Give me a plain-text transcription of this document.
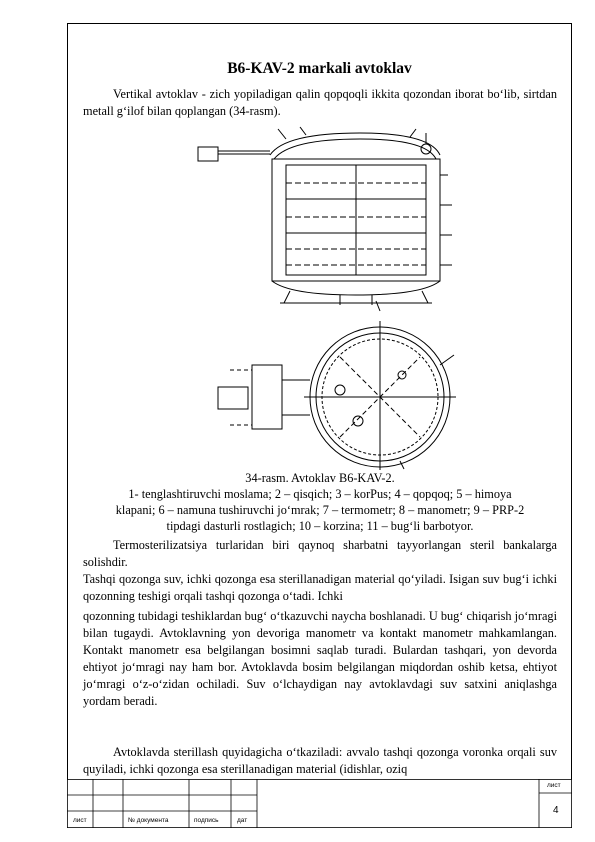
B6-KAV-2 markali avtoklav
Vertikal avtoklav - zich yopiladigan qalin qopqoqli ikkita qozondan iborat bo‘lib, sirtdan metall g‘ilof bilan qoplangan (34-rasm).
34-rasm. Avtoklav B6-KAV-2.
1- tenglashtiruvchi moslama; 2 – qisqich; 3 – korPus; 4 – qopqoq; 5 – himoya
klapani; 6 – namuna tushiruvchi jo‘mrak; 7 – termometr; 8 – manometr; 9 – PRP-2
tipdagi dasturli rostlagich; 10 – korzina; 11 – bug‘li barbotyor.
Termosterilizatsiya turlaridan biri qaynoq sharbatni tayyorlangan steril bankalarga solishdir.
Tashqi qozonga suv, ichki qozonga esa sterillanadigan material qo‘yiladi. Isigan suv bug‘i ichki qozonning teshigi orqali tashqi qozonga o‘tadi. Ichki
qozonning tubidagi teshiklardan bug‘ o‘tkazuvchi naycha boshlanadi. U bug‘ chiqarish jo‘mragi bilan tugaydi. Avtoklavning yon devoriga manometr va kontakt manometr mahkamlangan. Kontakt manometr esa belgilangan bosimni saqlab turadi. Bulardan tashqari, yon devorda ehtiyot jo‘mragi nay ham bor. Avtoklavda bosim belgilangan miqdordan oshib ketsa, ehtiyot jo‘mragi o‘z-o‘zidan ochiladi. Suv o‘lchaydigan nay avtoklavdagi suv satxini aniqlashga yordam beradi.
Avtoklavda sterillash quyidagicha o‘tkaziladi: avvalo tashqi qozonga voronka orqali suv quyiladi, ichki qozonga esa sterillanadigan material (idishlar, oziq
лист	№ документа	подпись	дат
лист
4
